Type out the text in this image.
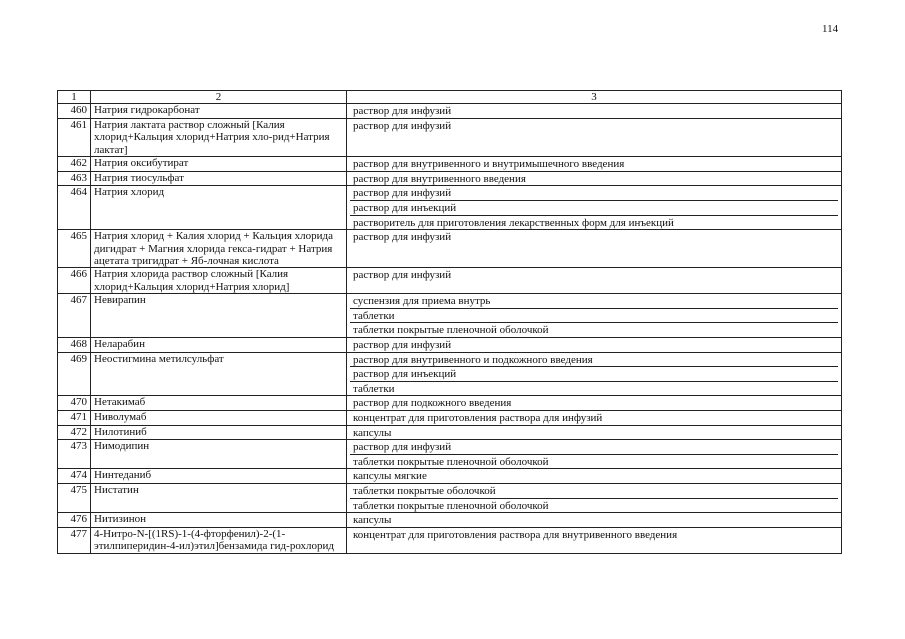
114
1	2	3
460	Натрия гидрокарбонат	раствор для инфузий

461	Натрия лактата раствор сложный [Калия хлорид+Кальция хлорид+Натрия хло-рид+Натрия лактат]	раствор для инфузий

462	Натрия оксибутират	раствор для внутривенного и внутримышечного введения

463	Натрия тиосульфат	раствор для внутривенного введения

464	Натрия хлорид	раствор для инфузий
раствор для инъекций
растворитель для приготовления лекарственных форм для инъекций

465	Натрия хлорид + Калия хлорид + Кальция хлорида дигидрат + Магния хлорида гекса-гидрат + Натрия ацетата тригидрат + Яб-лочная кислота	раствор для инфузий

466	Натрия хлорида раствор сложный [Калия хлорид+Кальция хлорид+Натрия хлорид]	раствор для инфузий

467	Невирапин	суспензия для приема внутрь
таблетки
таблетки покрытые пленочной оболочкой

468	Неларабин	раствор для инфузий

469	Неостигмина метилсульфат	раствор для внутривенного и подкожного введения
раствор для инъекций
таблетки

470	Нетакимаб	раствор для подкожного введения

471	Ниволумаб	концентрат для приготовления раствора для инфузий

472	Нилотиниб	капсулы

473	Нимодипин	раствор для инфузий
таблетки покрытые пленочной оболочкой

474	Нинтеданиб	капсулы мягкие

475	Нистатин	таблетки покрытые оболочкой
таблетки покрытые пленочной оболочкой

476	Нитизинон	капсулы

477	4-Нитро-N-[(1RS)-1-(4-фторфенил)-2-(1-этилпиперидин-4-ил)этил]бензамида гид-рохлорид	концентрат для приготовления раствора для внутривенного введения
